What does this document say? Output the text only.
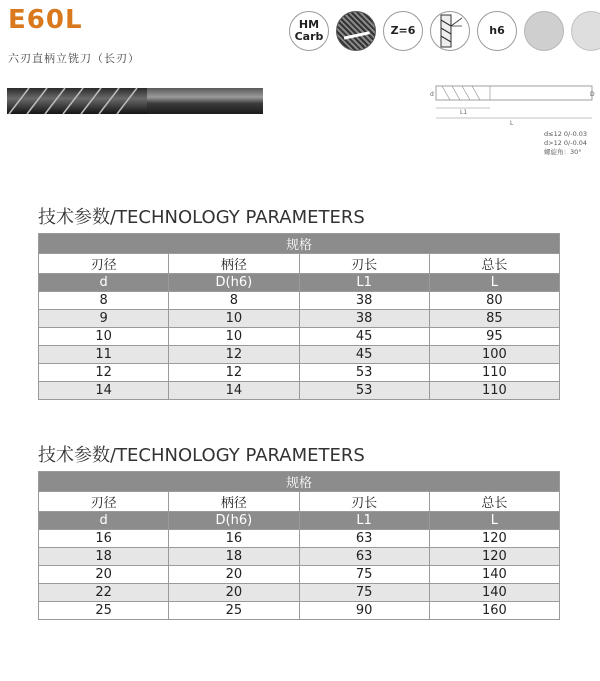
E60L
六刃直柄立铣刀（长刃）
HM
Carb	Z=6	h6
d	D
L1
L
d≤12 0/-0.03
d>12 0/-0.04
螺旋角：30°
技术参数/TECHNOLOGY PARAMETERS
规格			
刃径	柄径	刃长	总长
d	D(h6)	L1	L
8	8	38	80
9	10	38	85
10	10	45	95
11	12	45	100
12	12	53	110
14	14	53	110
技术参数/TECHNOLOGY PARAMETERS
规格			
刃径	柄径	刃长	总长
d	D(h6)	L1	L
16	16	63	120
18	18	63	120
20	20	75	140
22	20	75	140
25	25	90	160
